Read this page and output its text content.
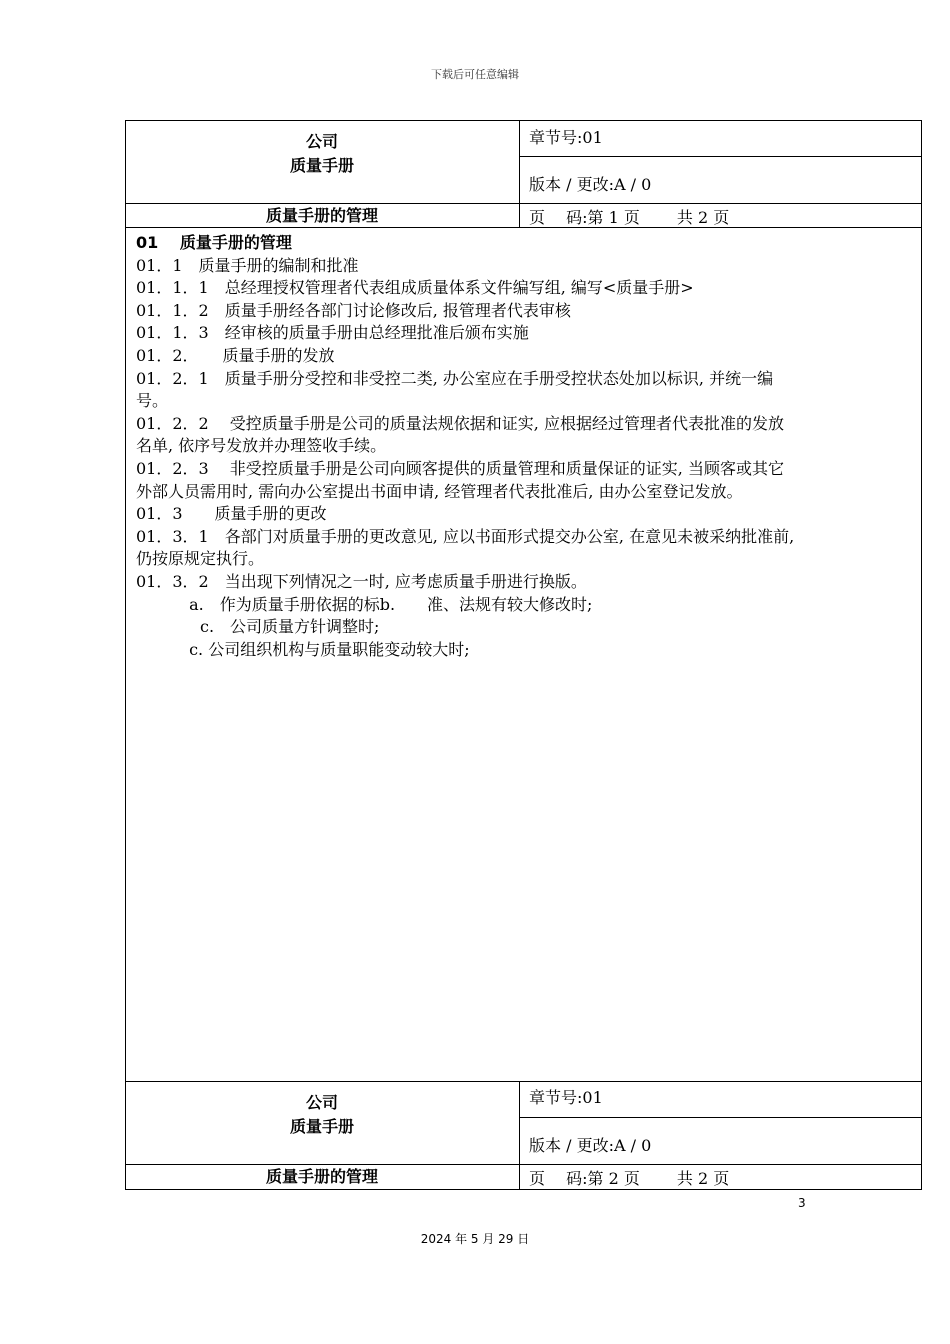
下载后可任意编辑
公司
质量手册
章节号:01
版本 / 更改:A / 0
质量手册的管理	页　 码:第 1 页　　 共 2 页
01　 质量手册的管理
01．1　质量手册的编制和批准
01．1．1　总经理授权管理者代表组成质量体系文件编写组, 编写<质量手册>
01．1．2　质量手册经各部门讨论修改后, 报管理者代表审核
01．1．3　经审核的质量手册由总经理批准后颁布实施
01．2．　　质量手册的发放
01．2．1　质量手册分受控和非受控二类, 办公室应在手册受控状态处加以标识, 并统一编
号。
01．2．2　 受控质量手册是公司的质量法规依据和证实, 应根据经过管理者代表批准的发放
名单, 依序号发放并办理签收手续。
01．2．3　 非受控质量手册是公司向顾客提供的质量管理和质量保证的证实, 当顾客或其它
外部人员需用时, 需向办公室提出书面申请, 经管理者代表批准后, 由办公室登记发放。
01．3　　质量手册的更改
01．3．1　各部门对质量手册的更改意见, 应以书面形式提交办公室, 在意见未被采纳批准前,
仍按原规定执行。
01．3．2　当出现下列情况之一时, 应考虑质量手册进行换版。
　　　 a.　作为质量手册依据的标b.　　准、法规有较大修改时;
　　　　c.　公司质量方针调整时;
　　　 c. 公司组织机构与质量职能变动较大时;
公司
质量手册
章节号:01
版本 / 更改:A / 0
质量手册的管理	页　 码:第 2 页　　 共 2 页
3
2024 年 5 月 29 日
